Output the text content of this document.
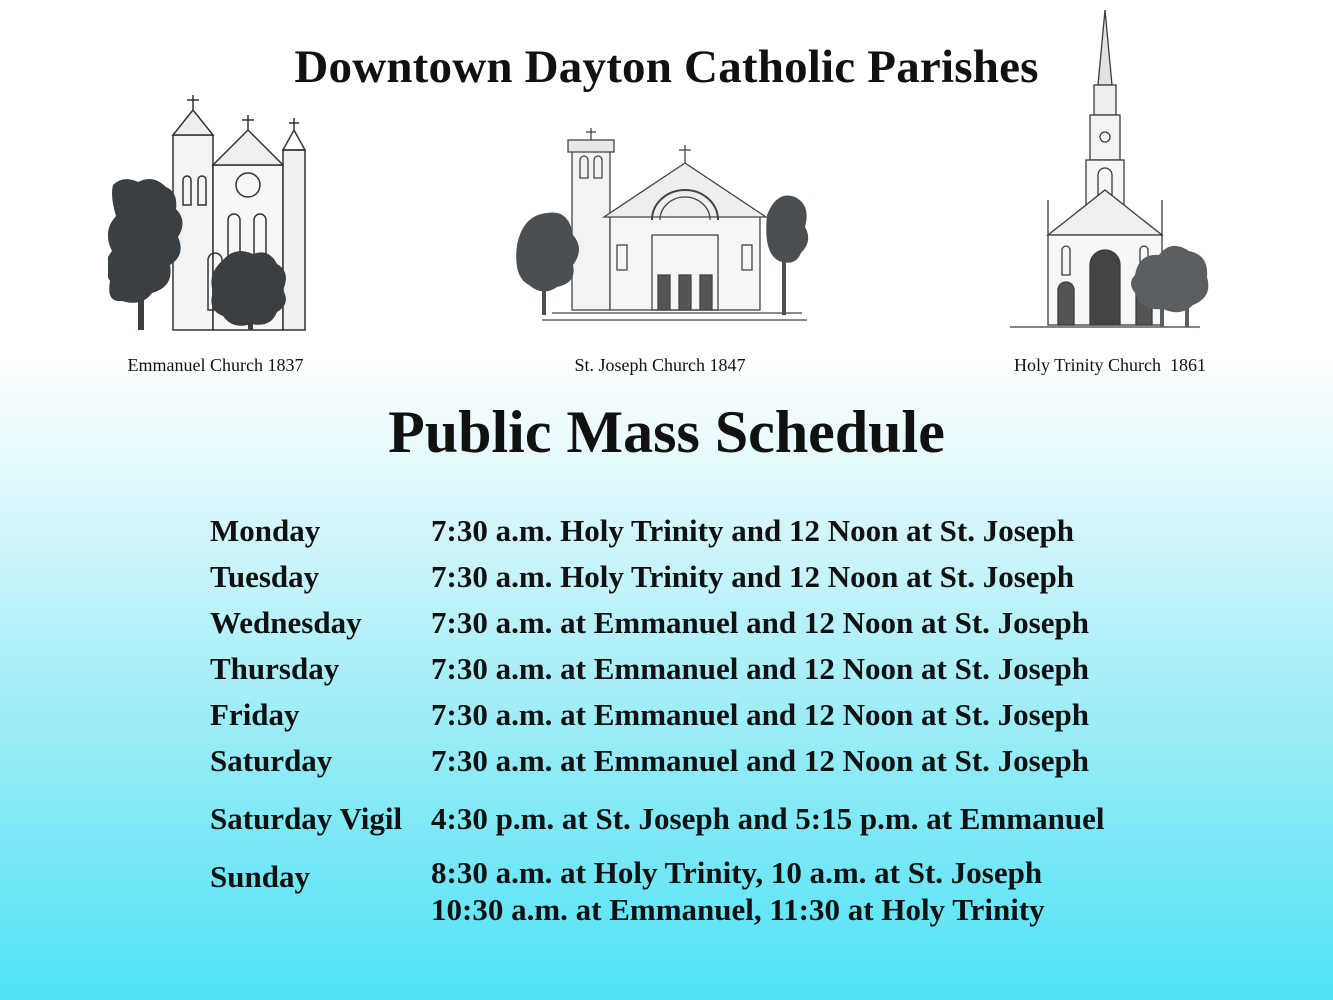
Downtown Dayton Catholic Parishes
Emmanuel Church 1837	St. Joseph Church 1847	Holy Trinity Church  1861
Public Mass Schedule
Monday	7:30 a.m. Holy Trinity and 12 Noon at St. Joseph
Tuesday	7:30 a.m. Holy Trinity and 12 Noon at St. Joseph
Wednesday	7:30 a.m. at Emmanuel and 12 Noon at St. Joseph
Thursday	7:30 a.m. at Emmanuel and 12 Noon at St. Joseph
Friday	7:30 a.m. at Emmanuel and 12 Noon at St. Joseph
Saturday	7:30 a.m. at Emmanuel and 12 Noon at St. Joseph
Saturday Vigil 4:30 p.m. at St. Joseph and 5:15 p.m. at Emmanuel
Sunday	8:30 a.m. at Holy Trinity, 10 a.m. at St. Joseph
10:30 a.m. at Emmanuel, 11:30 at Holy Trinity
